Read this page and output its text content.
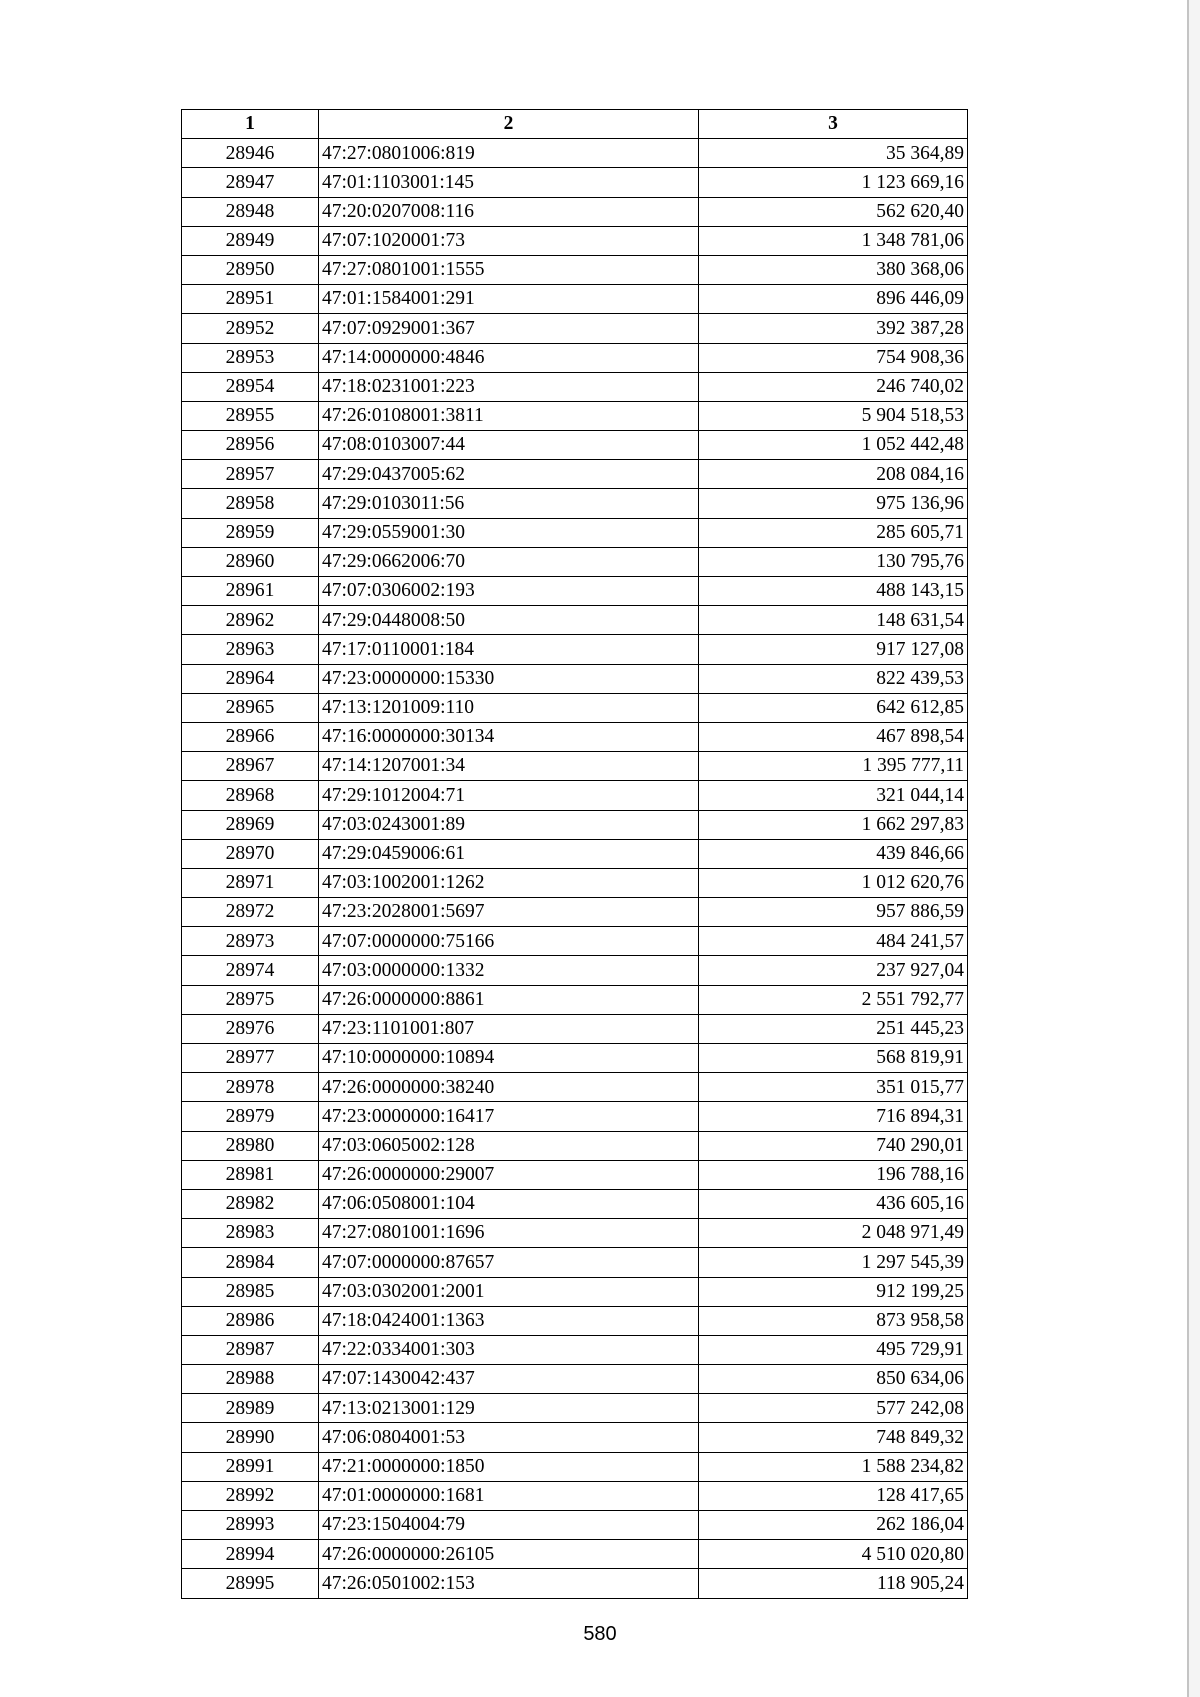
1	2	3
28946	47:27:0801006:819	35 364,89
28947	47:01:1103001:145	1 123 669,16
28948	47:20:0207008:116	562 620,40
28949	47:07:1020001:73	1 348 781,06
28950	47:27:0801001:1555	380 368,06
28951	47:01:1584001:291	896 446,09
28952	47:07:0929001:367	392 387,28
28953	47:14:0000000:4846	754 908,36
28954	47:18:0231001:223	246 740,02
28955	47:26:0108001:3811	5 904 518,53
28956	47:08:0103007:44	1 052 442,48
28957	47:29:0437005:62	208 084,16
28958	47:29:0103011:56	975 136,96
28959	47:29:0559001:30	285 605,71
28960	47:29:0662006:70	130 795,76
28961	47:07:0306002:193	488 143,15
28962	47:29:0448008:50	148 631,54
28963	47:17:0110001:184	917 127,08
28964	47:23:0000000:15330	822 439,53
28965	47:13:1201009:110	642 612,85
28966	47:16:0000000:30134	467 898,54
28967	47:14:1207001:34	1 395 777,11
28968	47:29:1012004:71	321 044,14
28969	47:03:0243001:89	1 662 297,83
28970	47:29:0459006:61	439 846,66
28971	47:03:1002001:1262	1 012 620,76
28972	47:23:2028001:5697	957 886,59
28973	47:07:0000000:75166	484 241,57
28974	47:03:0000000:1332	237 927,04
28975	47:26:0000000:8861	2 551 792,77
28976	47:23:1101001:807	251 445,23
28977	47:10:0000000:10894	568 819,91
28978	47:26:0000000:38240	351 015,77
28979	47:23:0000000:16417	716 894,31
28980	47:03:0605002:128	740 290,01
28981	47:26:0000000:29007	196 788,16
28982	47:06:0508001:104	436 605,16
28983	47:27:0801001:1696	2 048 971,49
28984	47:07:0000000:87657	1 297 545,39
28985	47:03:0302001:2001	912 199,25
28986	47:18:0424001:1363	873 958,58
28987	47:22:0334001:303	495 729,91
28988	47:07:1430042:437	850 634,06
28989	47:13:0213001:129	577 242,08
28990	47:06:0804001:53	748 849,32
28991	47:21:0000000:1850	1 588 234,82
28992	47:01:0000000:1681	128 417,65
28993	47:23:1504004:79	262 186,04
28994	47:26:0000000:26105	4 510 020,80
28995	47:26:0501002:153	118 905,24
580
